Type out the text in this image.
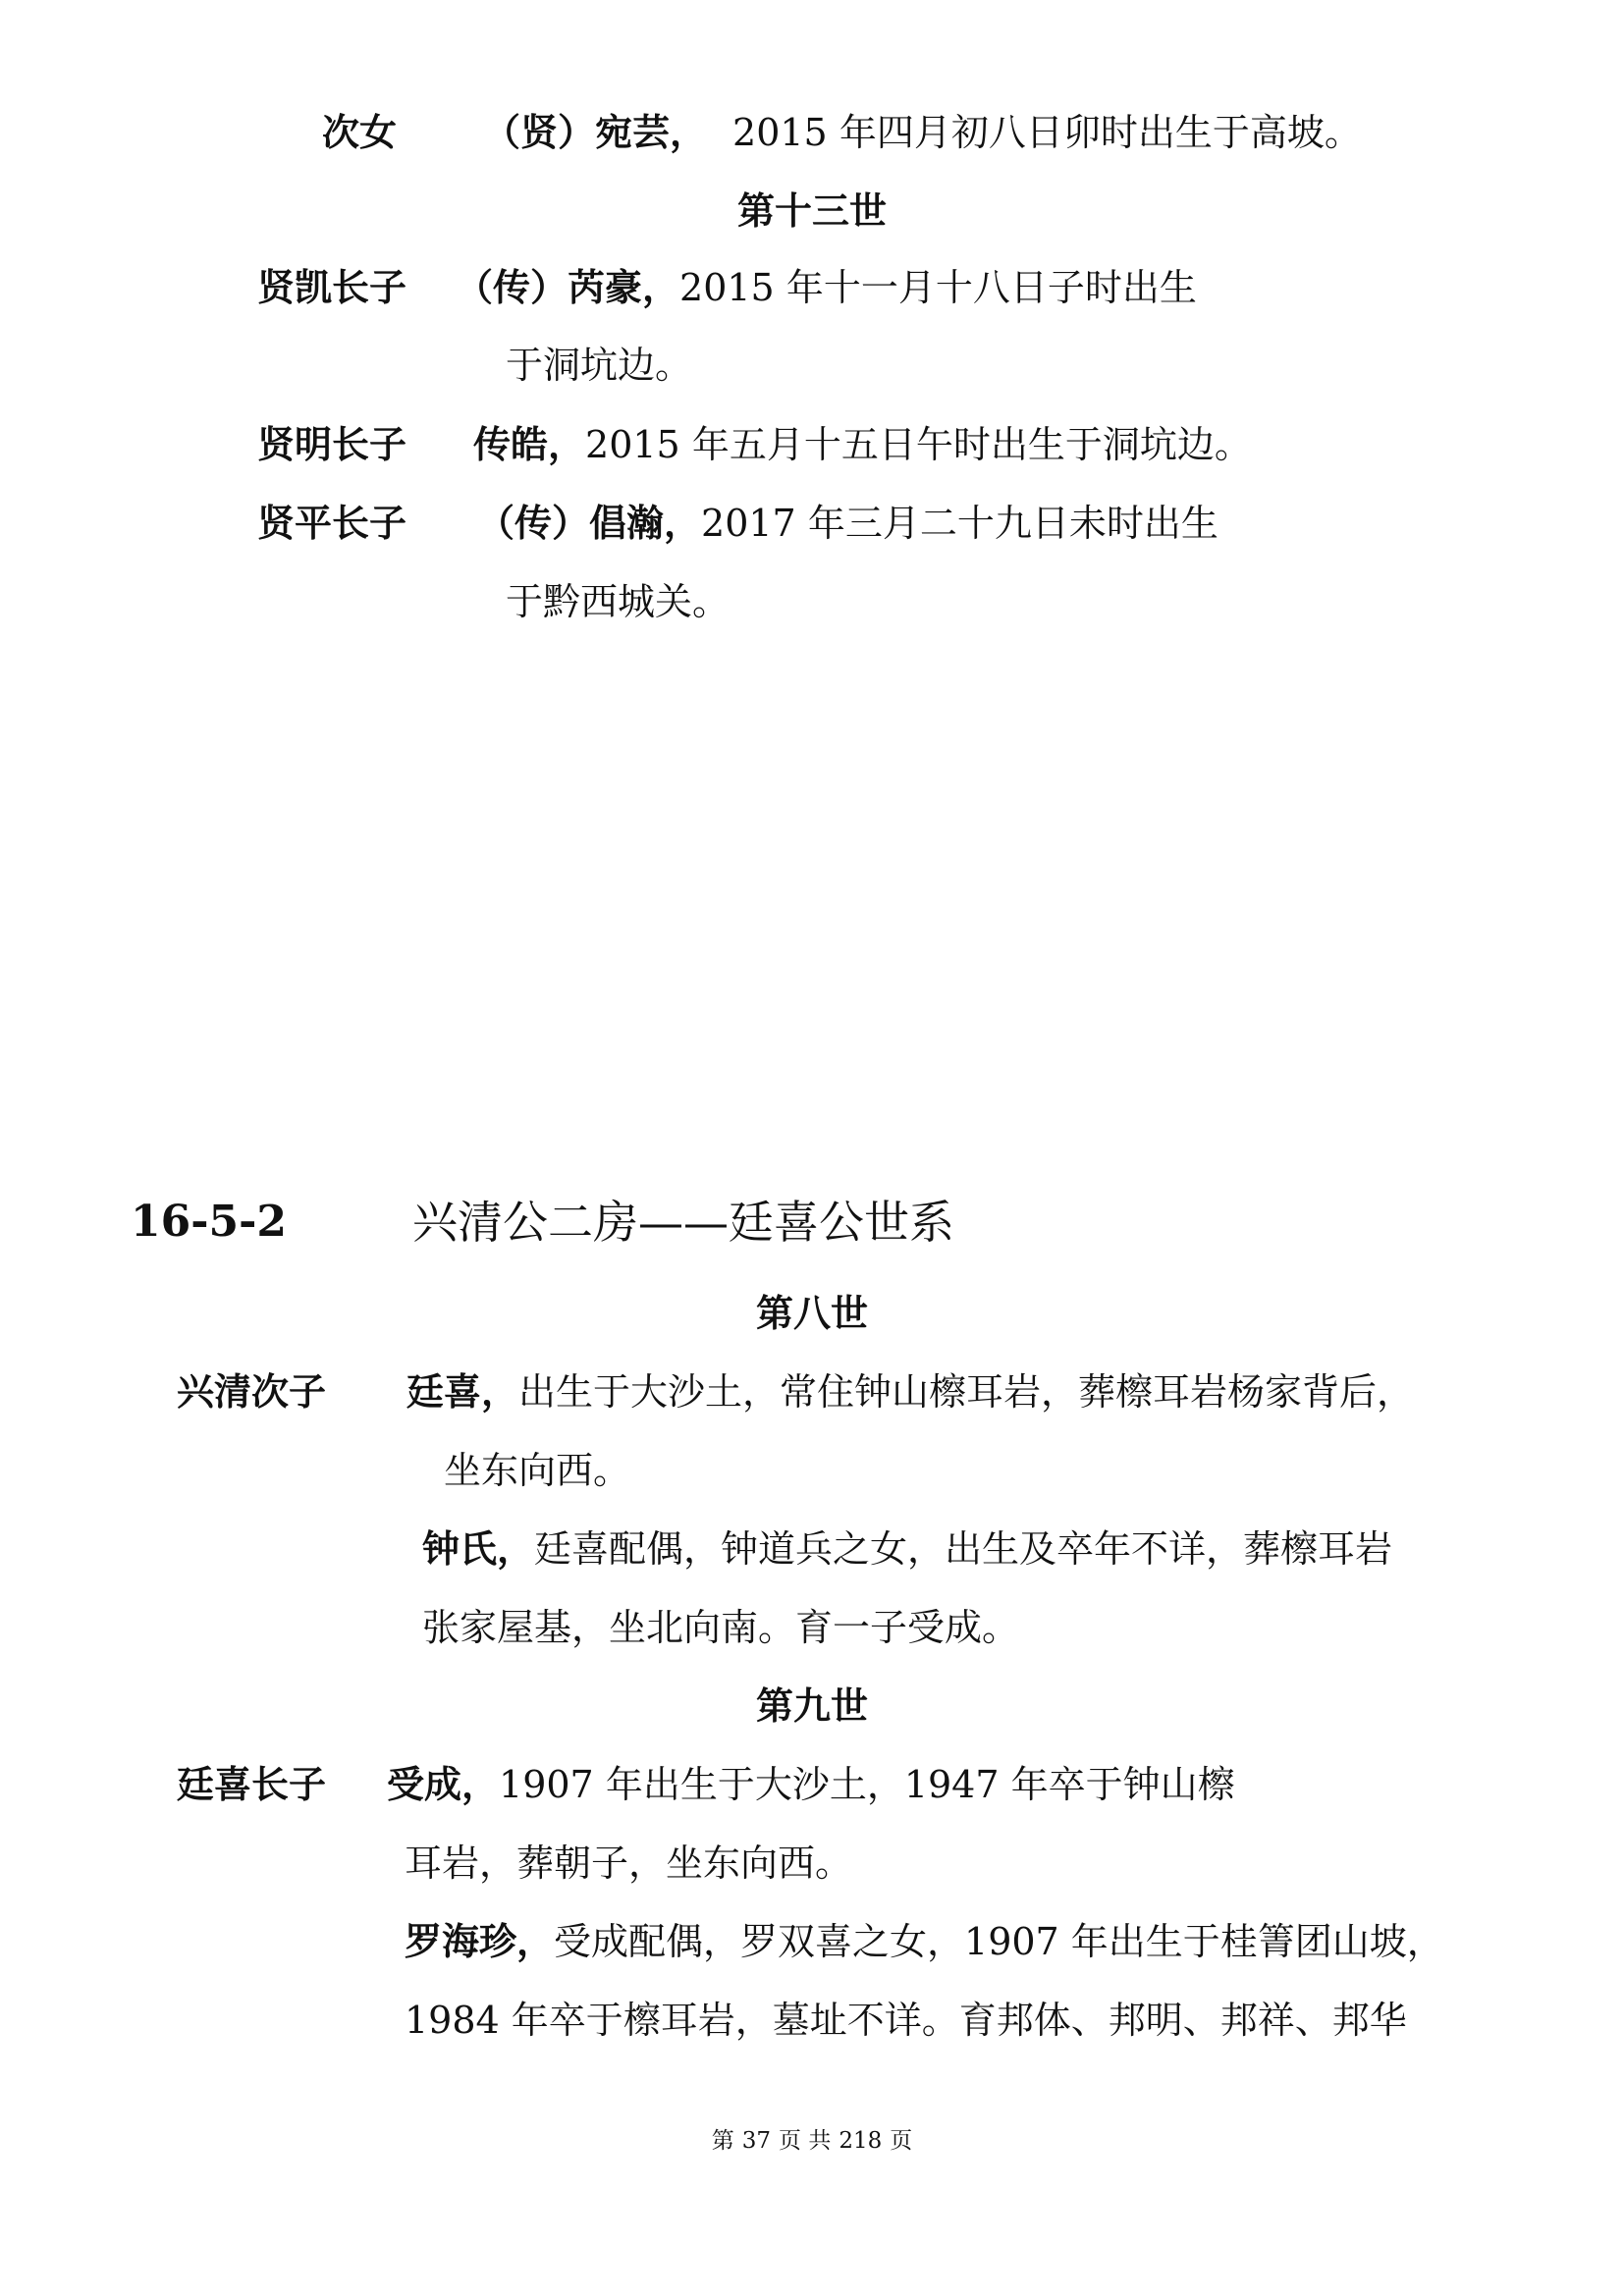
次女 （贤）宛芸， 2015 年四月初八日卯时出生于高坡。
第十三世
贤凯长子 （传）芮豪，2015 年十一月十八日子时出生
于洞坑边。
贤明长子 传皓，2015 年五月十五日午时出生于洞坑边。
贤平长子 （传）倡瀚，2017 年三月二十九日未时出生
于黔西城关。
16-5-2	兴清公二房——廷喜公世系
第八世
兴清次子 廷喜，出生于大沙土，常住钟山檫耳岩，葬檫耳岩杨家背后，
坐东向西。
钟氏，廷喜配偶，钟道兵之女，出生及卒年不详，葬檫耳岩
张家屋基，坐北向南。育一子受成。
第九世
廷喜长子 受成，1907 年出生于大沙土，1947 年卒于钟山檫
耳岩，葬朝子，坐东向西。
罗海珍，受成配偶，罗双喜之女，1907 年出生于桂箐团山坡，
1984 年卒于檫耳岩，墓址不详。育邦体、邦明、邦祥、邦华
第 37 页 共 218 页
